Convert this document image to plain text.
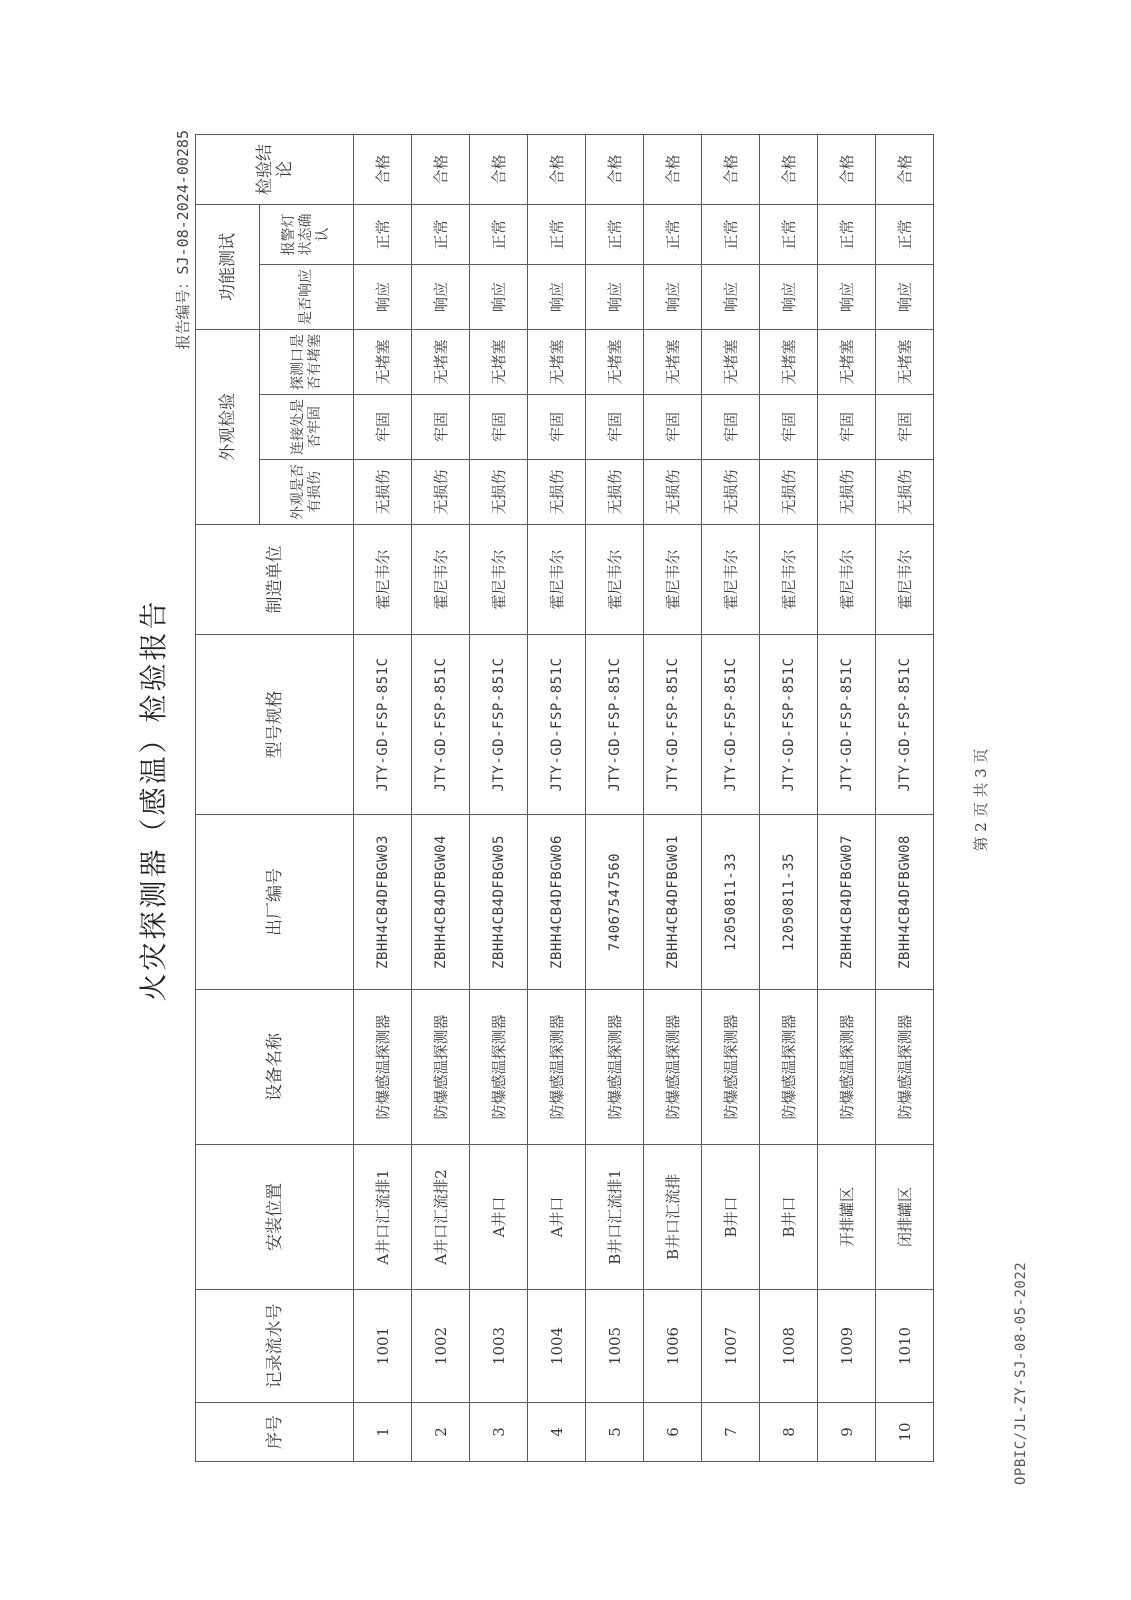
OPBIC/JL-ZY-SJ-08-05-2022
火灾探测器（感温）检验报告
报告编号：SJ-08-2024-00285
序号	记录流水号	安装位置	设备名称	出厂编号	型号规格	制造单位	外观检验			功能测试		检验结论
							外观是否有损伤	连接处是否牢固	探测口是否有堵塞	是否响应	报警灯状态确认	
1	1001	A井口汇流排1	防爆感温探测器	ZBHH4CB4DFBGW03	JTY-GD-FSP-851C	霍尼韦尔	无损伤	牢固	无堵塞	响应	正常	合格
2	1002	A井口汇流排2	防爆感温探测器	ZBHH4CB4DFBGW04	JTY-GD-FSP-851C	霍尼韦尔	无损伤	牢固	无堵塞	响应	正常	合格
3	1003	A井口	防爆感温探测器	ZBHH4CB4DFBGW05	JTY-GD-FSP-851C	霍尼韦尔	无损伤	牢固	无堵塞	响应	正常	合格
4	1004	A井口	防爆感温探测器	ZBHH4CB4DFBGW06	JTY-GD-FSP-851C	霍尼韦尔	无损伤	牢固	无堵塞	响应	正常	合格
5	1005	B井口汇流排1	防爆感温探测器	74067547560	JTY-GD-FSP-851C	霍尼韦尔	无损伤	牢固	无堵塞	响应	正常	合格
6	1006	B井口汇流排	防爆感温探测器	ZBHH4CB4DFBGW01	JTY-GD-FSP-851C	霍尼韦尔	无损伤	牢固	无堵塞	响应	正常	合格
7	1007	B井口	防爆感温探测器	12050811-33	JTY-GD-FSP-851C	霍尼韦尔	无损伤	牢固	无堵塞	响应	正常	合格
8	1008	B井口	防爆感温探测器	12050811-35	JTY-GD-FSP-851C	霍尼韦尔	无损伤	牢固	无堵塞	响应	正常	合格
9	1009	开排罐区	防爆感温探测器	ZBHH4CB4DFBGW07	JTY-GD-FSP-851C	霍尼韦尔	无损伤	牢固	无堵塞	响应	正常	合格
10	1010	闭排罐区	防爆感温探测器	ZBHH4CB4DFBGW08	JTY-GD-FSP-851C	霍尼韦尔	无损伤	牢固	无堵塞	响应	正常	合格
第 2 页 共 3 页
